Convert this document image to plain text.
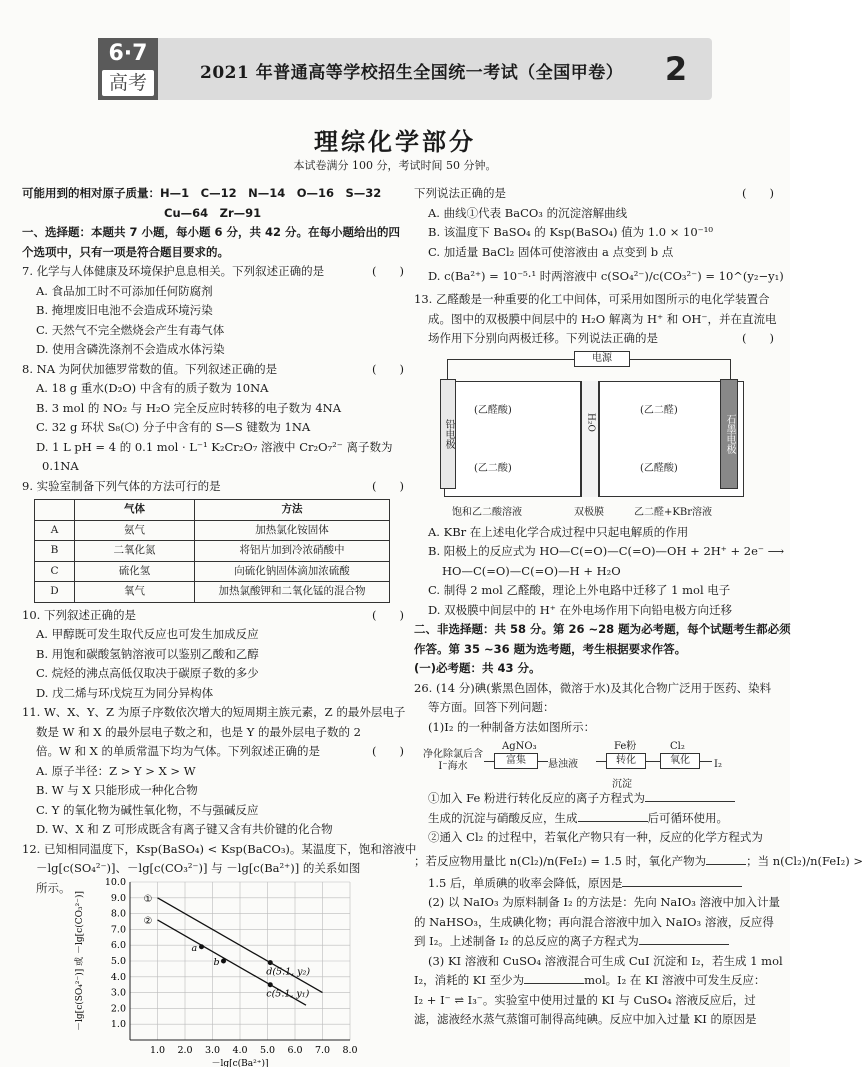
6·7
高考	2021 年普通高等学校招生全国统一考试（全国甲卷）	2
理综化学部分
本试卷满分 100 分，考试时间 50 分钟。

可能用到的相对原子质量：H—1　C—12　N—14　O—16　S—32

Cu—64　Zr—91

一、选择题：本题共 7 小题，每小题 6 分，共 42 分。在每小题给出的四

个选项中，只有一项是符合题目要求的。

7. 化学与人体健康及环境保护息息相关。下列叙述正确的是	(　　)

A. 食品加工时不可添加任何防腐剂

B. 掩埋废旧电池不会造成环境污染

C. 天然气不完全燃烧会产生有毒气体

D. 使用含磷洗涤剂不会造成水体污染

8. NA 为阿伏加德罗常数的值。下列叙述正确的是	(　　)

A. 18 g 重水(D₂O) 中含有的质子数为 10NA

B. 3 mol 的 NO₂ 与 H₂O 完全反应时转移的电子数为 4NA

C. 32 g 环状 S₈(⬡) 分子中含有的 S—S 键数为 1NA

D. 1 L pH = 4 的 0.1 mol · L⁻¹ K₂Cr₂O₇ 溶液中 Cr₂O₇²⁻ 离子数为

0.1NA

9. 实验室制备下列气体的方法可行的是	(　　)

	气体	方法
A	氨气	加热氯化铵固体
B	二氧化氮	将铝片加到冷浓硝酸中
C	硫化氢	向硫化钠固体滴加浓硫酸
D	氧气	加热氯酸钾和二氧化锰的混合物

10. 下列叙述正确的是	(　　)

A. 甲醇既可发生取代反应也可发生加成反应

B. 用饱和碳酸氢钠溶液可以鉴别乙酸和乙醇

C. 烷烃的沸点高低仅取决于碳原子数的多少

D. 戊二烯与环戊烷互为同分异构体

11. W、X、Y、Z 为原子序数依次增大的短周期主族元素，Z 的最外层电子

数是 W 和 X 的最外层电子数之和，也是 Y 的最外层电子数的 2

倍。W 和 X 的单质常温下均为气体。下列叙述正确的是	(　　)

A. 原子半径：Z > Y > X > W

B. W 与 X 只能形成一种化合物

C. Y 的氧化物为碱性氧化物，不与强碱反应

D. W、X 和 Z 可形成既含有离子键又含有共价键的化合物

12. 已知相同温度下，Ksp(BaSO₄) < Ksp(BaCO₃)。某温度下，饱和溶液中

－lg[c(SO₄²⁻)]、－lg[c(CO₃²⁻)] 与 －lg[c(Ba²⁺)] 的关系如图

所示。

1.0 2.0 3.0 4.0 5.0 6.0 7.0 8.0
1.0
2.0
3.0
4.0
5.0
6.0
7.0
8.0
9.0
10.0
－lg[c(SO₄²⁻)] 或 －lg[c(CO₃²⁻)]
－lg[c(Ba²⁺)]
①
②
a
b
d(5.1, y₂)
c(5.1, y₁)

下列说法正确的是	(　　)

A. 曲线①代表 BaCO₃ 的沉淀溶解曲线

B. 该温度下 BaSO₄ 的 Ksp(BaSO₄) 值为 1.0 × 10⁻¹⁰

C. 加适量 BaCl₂ 固体可使溶液由 a 点变到 b 点

D. c(Ba²⁺) = 10⁻⁵·¹ 时两溶液中 c(SO₄²⁻)/c(CO₃²⁻) = 10^(y₂−y₁)

13. 乙醛酸是一种重要的化工中间体，可采用如图所示的电化学装置合

成。图中的双极膜中间层中的 H₂O 解离为 H⁺ 和 OH⁻，并在直流电

场作用下分别向两极迁移。下列说法正确的是	(　　)

电源
铅电极	石墨电极
H₂O
(乙醛酸)
(乙二酸)
(乙二醛)
(乙醛酸)
饱和乙二酸溶液	双极膜	乙二醛+KBr溶液

A. KBr 在上述电化学合成过程中只起电解质的作用

B. 阳极上的反应式为 HO—C(=O)—C(=O)—OH + 2H⁺ + 2e⁻ ⟶

HO—C(=O)—C(=O)—H + H₂O

C. 制得 2 mol 乙醛酸，理论上外电路中迁移了 1 mol 电子

D. 双极膜中间层中的 H⁺ 在外电场作用下向铅电极方向迁移

二、非选择题：共 58 分。第 26 ~28 题为必考题，每个试题考生都必须

作答。第 35 ~36 题为选考题，考生根据要求作答。

(一)必考题：共 43 分。

26. (14 分)碘(紫黑色固体，微溶于水)及其化合物广泛用于医药、染料

等方面。回答下列问题：

(1)I₂ 的一种制备方法如图所示：

净化除氯后含I⁻海水
AgNO₃
富集	悬浊液
Fe粉
转化
Cl₂
氧化	I₂
沉淀

①加入 Fe 粉进行转化反应的离子方程式为

生成的沉淀与硝酸反应，生成	后可循环使用。

②通入 Cl₂ 的过程中，若氧化产物只有一种，反应的化学方程式为

；若反应物用量比 n(Cl₂)/n(FeI₂) = 1.5 时，氧化产物为	；当 n(Cl₂)/n(FeI₂) >

1.5 后，单质碘的收率会降低，原因是

(2) 以 NaIO₃ 为原料制备 I₂ 的方法是：先向 NaIO₃ 溶液中加入计量

的 NaHSO₃，生成碘化物；再向混合溶液中加入 NaIO₃ 溶液，反应得

到 I₂。上述制备 I₂ 的总反应的离子方程式为

(3) KI 溶液和 CuSO₄ 溶液混合可生成 CuI 沉淀和 I₂，若生成 1 mol

I₂，消耗的 KI 至少为	mol。I₂ 在 KI 溶液中可发生反应：

I₂ + I⁻ ⇌ I₃⁻。实验室中使用过量的 KI 与 CuSO₄ 溶液反应后，过

滤，滤液经水蒸气蒸馏可制得高纯碘。反应中加入过量 KI 的原因是
